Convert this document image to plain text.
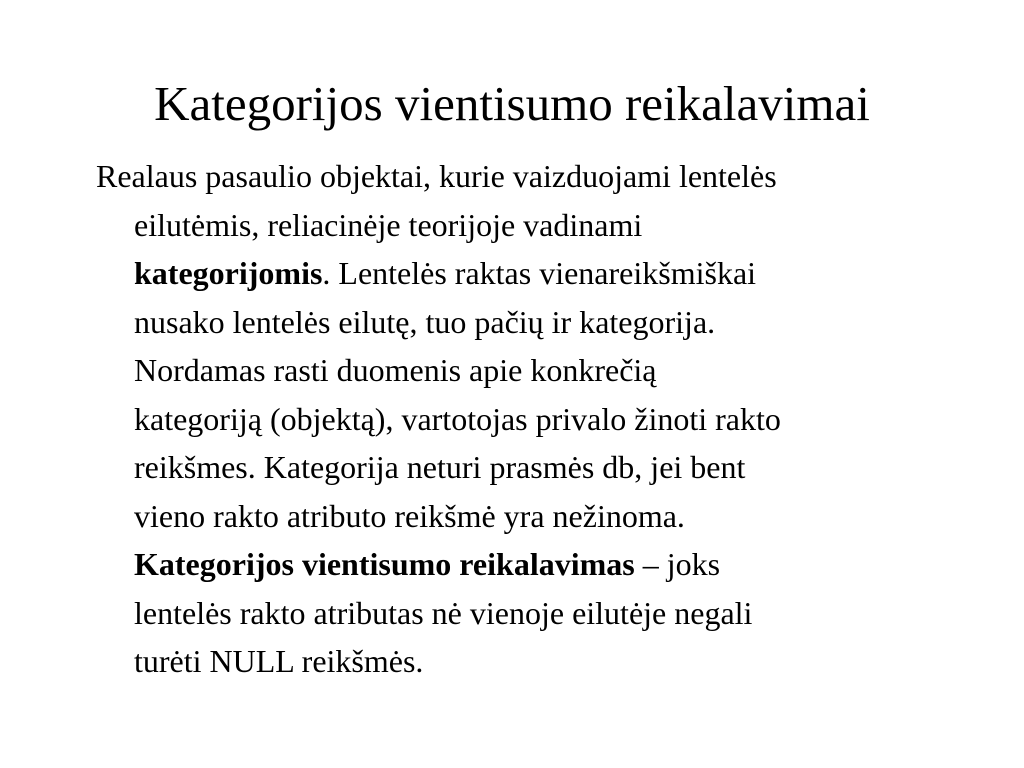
Kategorijos vientisumo reikalavimai

Realaus pasaulio objektai, kurie vaizduojami lentelės
eilutėmis, reliacinėje teorijoje vadinami
kategorijomis. Lentelės raktas vienareikšmiškai
nusako lentelės eilutę, tuo pačių ir kategorija.
Nordamas rasti duomenis apie konkrečią
kategoriją (objektą), vartotojas privalo žinoti rakto
reikšmes. Kategorija neturi prasmės db, jei bent
vieno rakto atributo reikšmė yra nežinoma.
Kategorijos vientisumo reikalavimas – joks
lentelės rakto atributas nė vienoje eilutėje negali
turėti NULL reikšmės.
